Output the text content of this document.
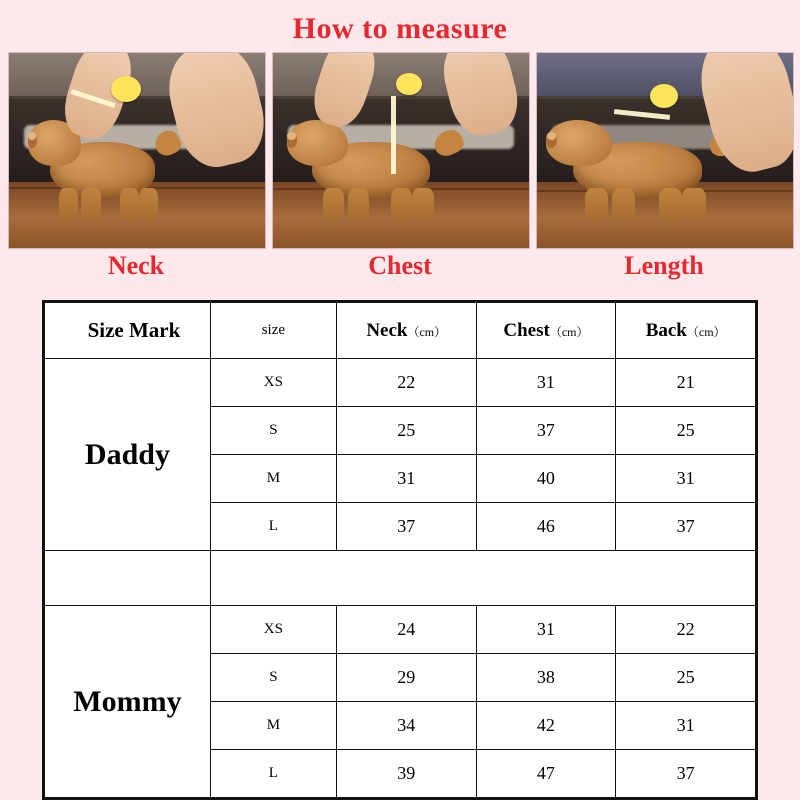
How to measure
Neck	Chest	Length
Size Mark	size	Neck（cm）	Chest（cm）	Back（cm）
Daddy	XS	22	31	21
	S	25	37	25
	M	31	40	31
	L	37	46	37

Mommy	XS	24	31	22
	S	29	38	25
	M	34	42	31
	L	39	47	37
